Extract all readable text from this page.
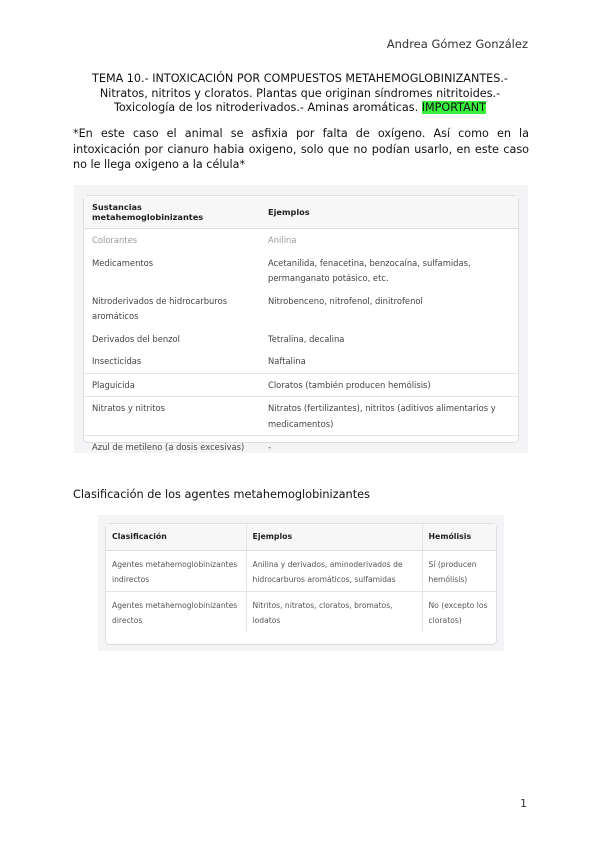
Andrea Gómez González
TEMA 10.- INTOXICACIÓN POR COMPUESTOS METAHEMOGLOBINIZANTES.-
Nitratos, nitritos y cloratos. Plantas que originan síndromes nitritoides.-
Toxicología de los nitroderivados.- Aminas aromáticas. IMPORTANT

*En este caso el animal se asfixia por falta de oxígeno. Así como en la intoxicación por cianuro habia oxigeno, solo que no podían usarlo, en este caso no le llega oxigeno a la célula*

Sustancias metahemoglobinizantes	Ejemplos
Colorantes	Anilina
Medicamentos	Acetanilida, fenacetina, benzocaína, sulfamidas, permanganato potásico, etc.
Nitroderivados de hidrocarburos aromáticos	Nitrobenceno, nitrofenol, dinitrofenol
Derivados del benzol	Tetralina, decalina
Insecticidas	Naftalina
Plaguicida	Cloratos (también producen hemólisis)
Nitratos y nitritos	Nitratos (fertilizantes), nitritos (aditivos alimentarios y medicamentos)
Azul de metileno (a dosis excesivas)	-
Clasificación de los agentes metahemoglobinizantes
Clasificación	Ejemplos	Hemólisis
Agentes metahemoglobinizantes indirectos	Anilina y derivados, aminoderivados de hidrocarburos aromáticos, sulfamidas	Sí (producen hemólisis)
Agentes metahemoglobinizantes directos	Nitritos, nitratos, cloratos, bromatos, iodatos	No (excepto los cloratos)
1
